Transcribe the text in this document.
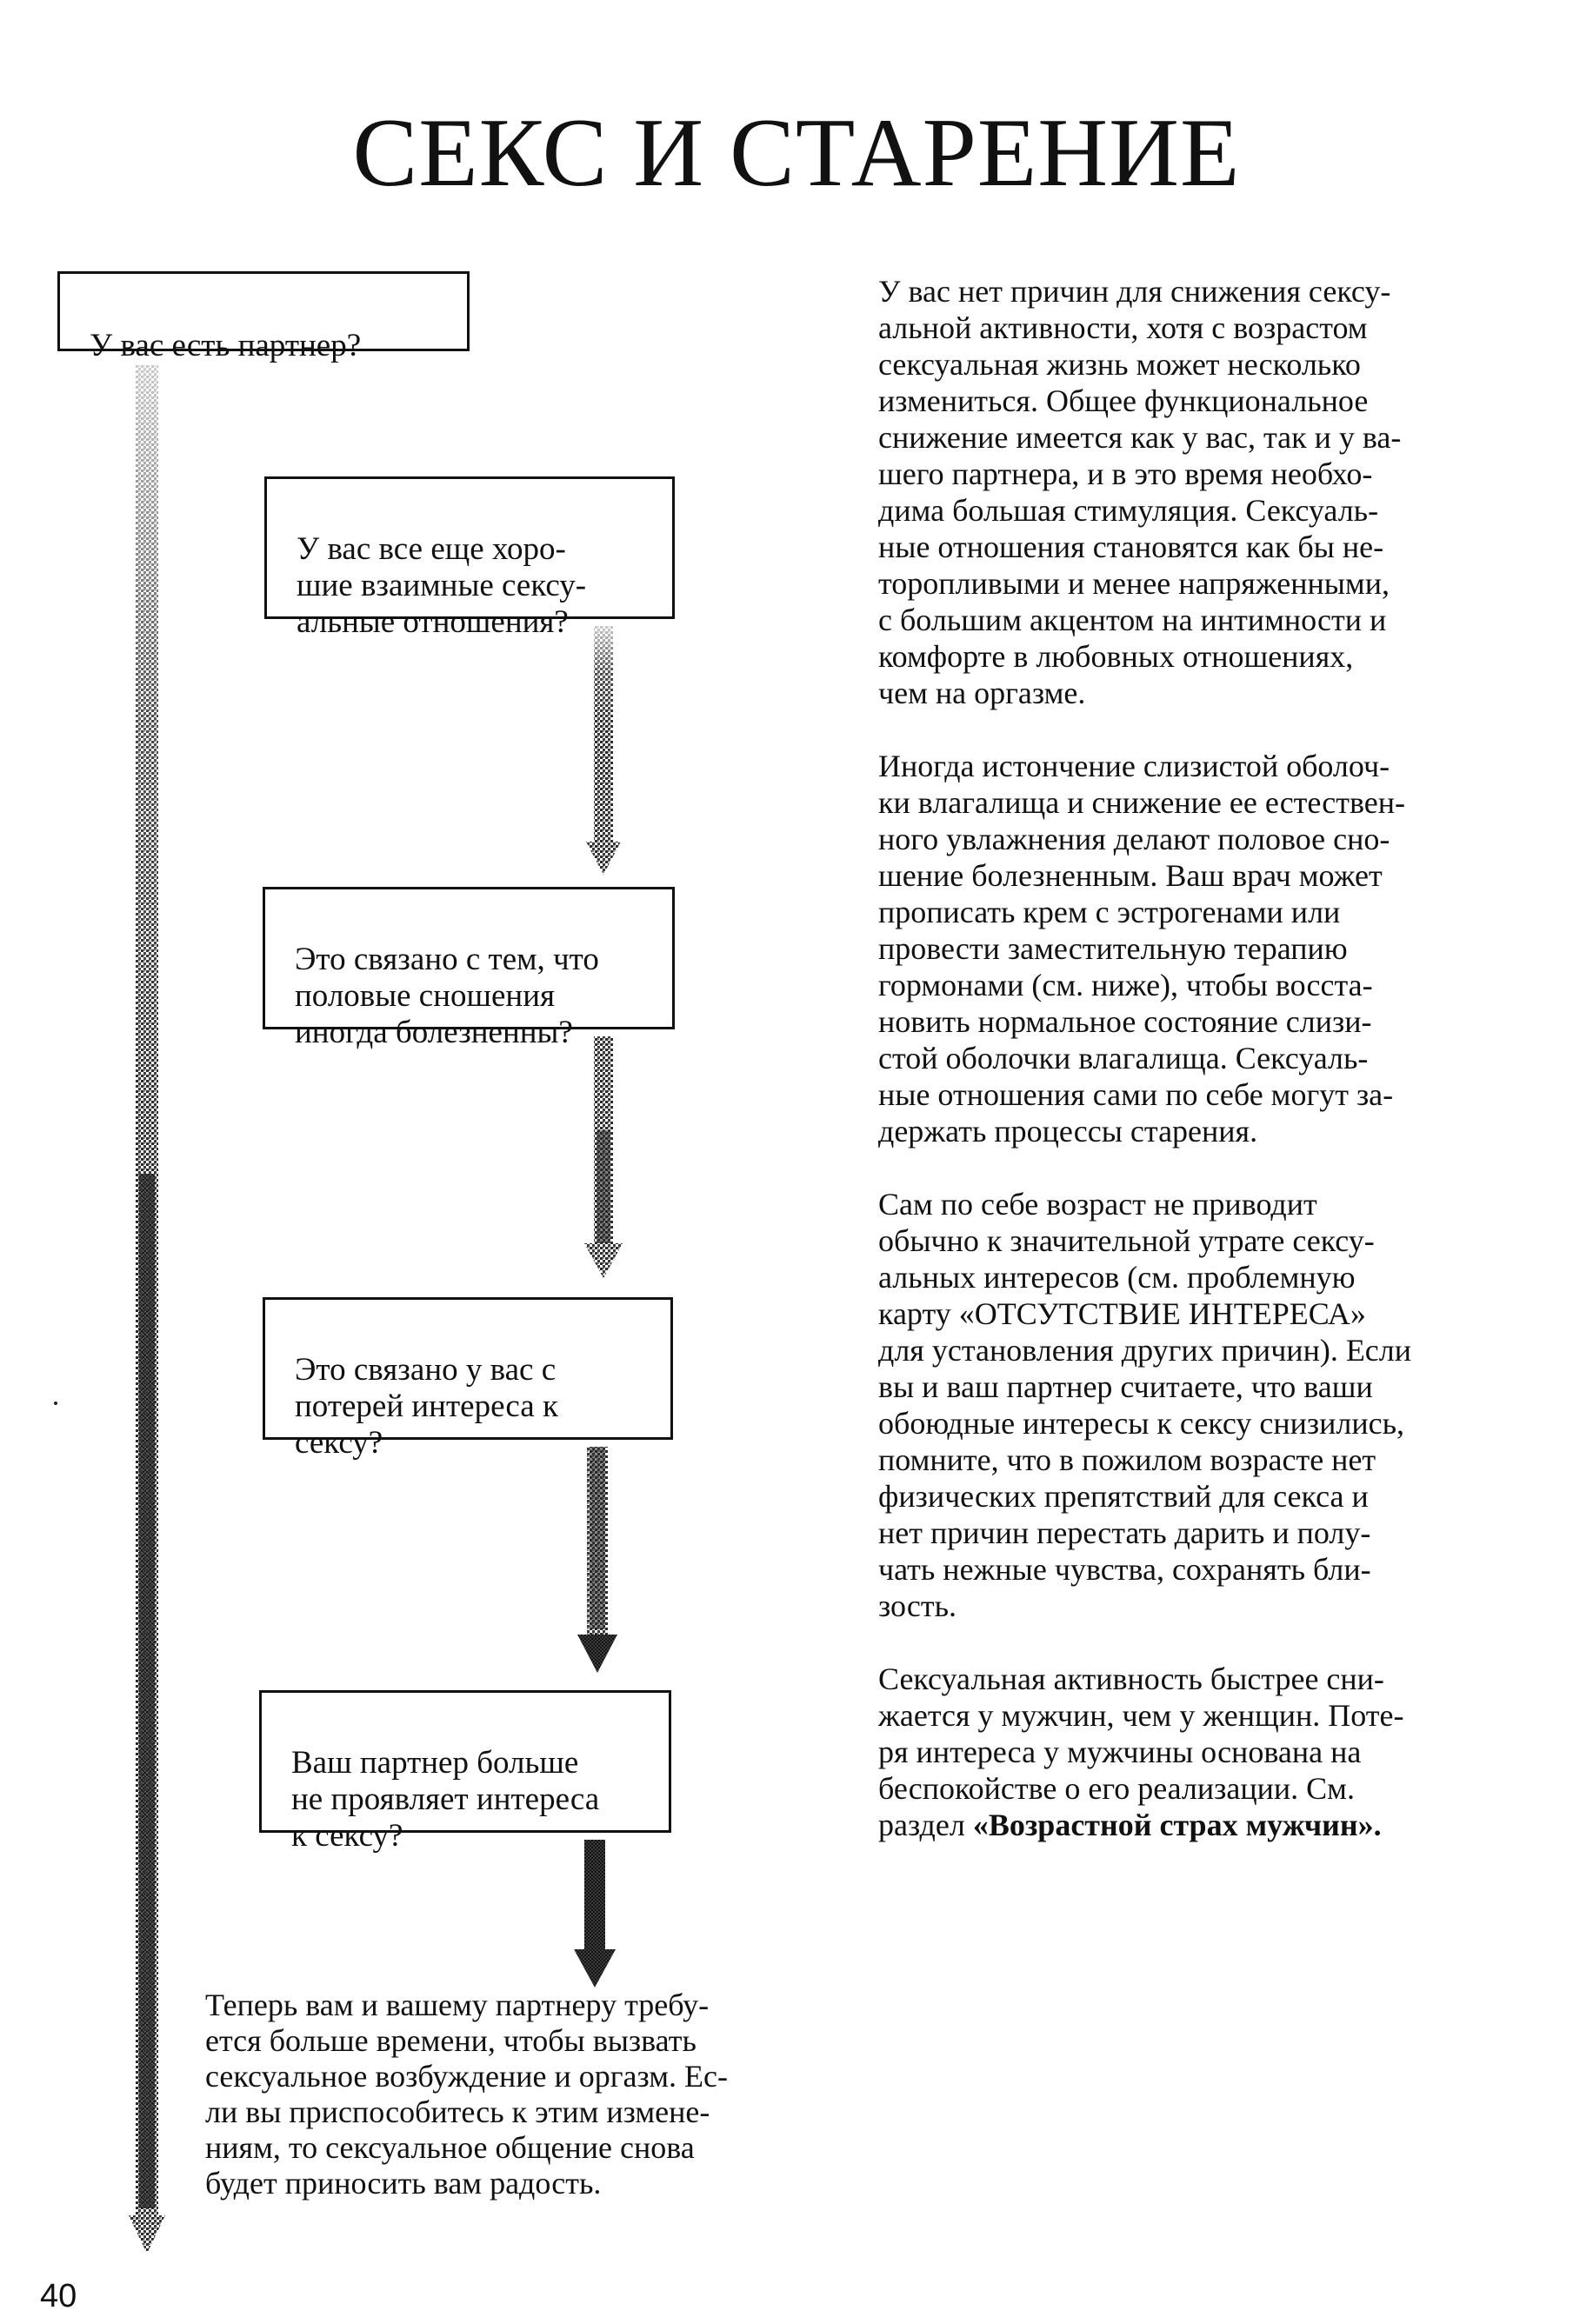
СЕКС И СТАРЕНИЕ

У вас есть партнер?

У вас все еще хоро-
шие взаимные сексу-
альные отношения?

Это связано с тем, что
половые сношения
иногда болезненны?

Это связано у вас с
потерей интереса к
сексу?

Ваш партнер больше
не проявляет интереса
к сексу?

Теперь вам и вашему партнеру требу-
ется больше времени, чтобы вызвать
сексуальное возбуждение и оргазм. Ес-
ли вы приспособитесь к этим измене-
ниям, то сексуальное общение снова
будет приносить вам радость.

У вас нет причин для снижения сексу-
альной активности, хотя с возрастом
сексуальная жизнь может несколько
измениться. Общее функциональное
снижение имеется как у вас, так и у ва-
шего партнера, и в это время необхо-
дима большая стимуляция. Сексуаль-
ные отношения становятся как бы не-
торопливыми и менее напряженными,
с большим акцентом на интимности и
комфорте в любовных отношениях,
чем на оргазме.

Иногда истончение слизистой оболоч-
ки влагалища и снижение ее естествен-
ного увлажнения делают половое сно-
шение болезненным. Ваш врач может
прописать крем с эстрогенами или
провести заместительную терапию
гормонами (см. ниже), чтобы восста-
новить нормальное состояние слизи-
стой оболочки влагалища. Сексуаль-
ные отношения сами по себе могут за-
держать процессы старения.

Сам по себе возраст не приводит
обычно к значительной утрате сексу-
альных интересов (см. проблемную
карту «ОТСУТСТВИЕ ИНТЕРЕСА»
для установления других причин). Если
вы и ваш партнер считаете, что ваши
обоюдные интересы к сексу снизились,
помните, что в пожилом возрасте нет
физических препятствий для секса и
нет причин перестать дарить и полу-
чать нежные чувства, сохранять бли-
зость.

Сексуальная активность быстрее сни-
жается у мужчин, чем у женщин. Поте-
ря интереса у мужчины основана на
беспокойстве о его реализации. См.
раздел «Возрастной страх мужчин».

40
